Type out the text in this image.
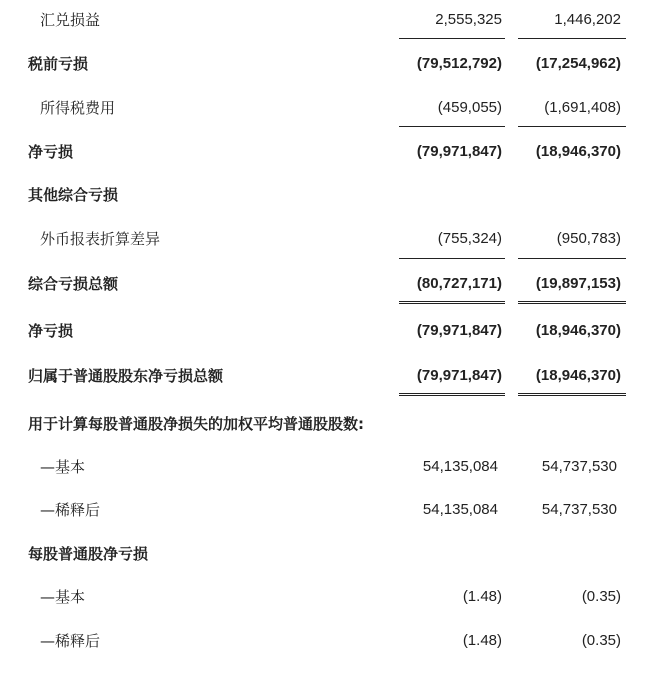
汇兑损益	2,555,325	1,446,202
税前亏损	(79,512,792)	(17,254,962)
所得税费用	(459,055)	(1,691,408)
净亏损	(79,971,847)	(18,946,370)
其他综合亏损
外币报表折算差异	(755,324)	(950,783)
综合亏损总额	(80,727,171)	(19,897,153)
净亏损	(79,971,847)	(18,946,370)
归属于普通股股东净亏损总额	(79,971,847)	(18,946,370)
用于计算每股普通股净损失的加权平均普通股股数:
—基本	54,135,084	54,737,530
—稀释后	54,135,084	54,737,530
每股普通股净亏损
—基本	(1.48)	(0.35)
—稀释后	(1.48)	(0.35)
